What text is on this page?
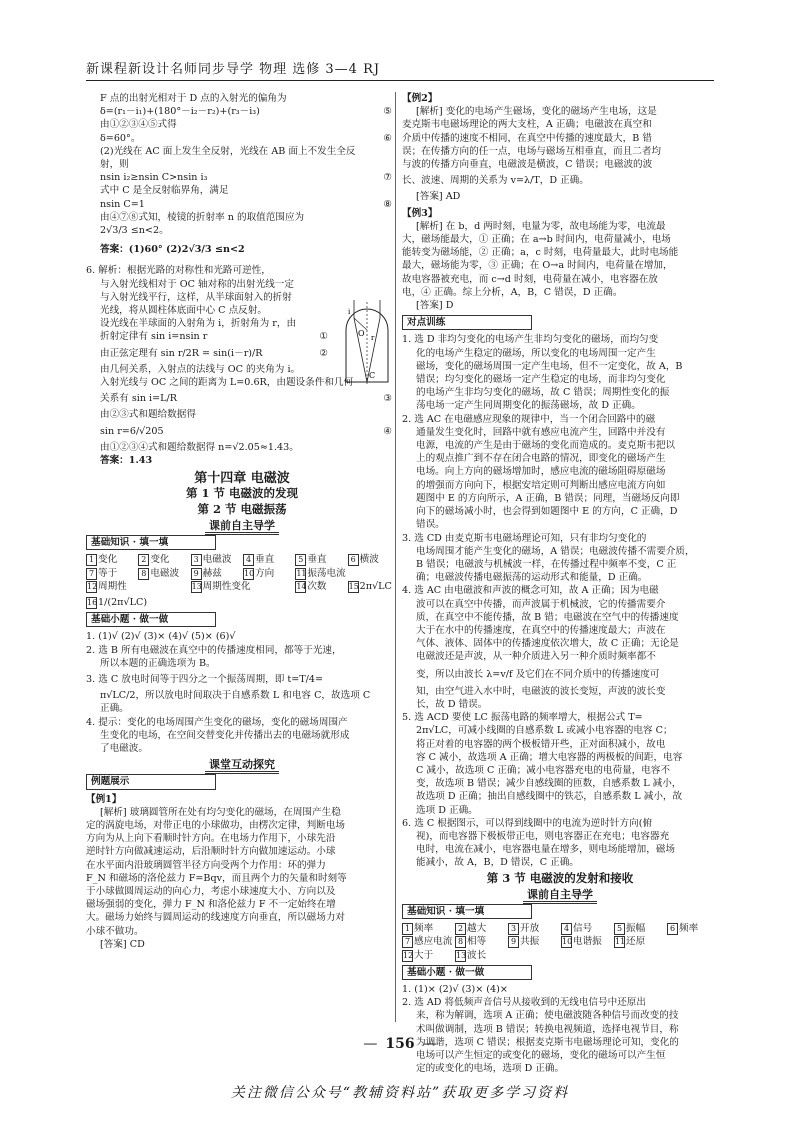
新课程新设计名师同步导学 物理 选修 3—4 RJ
O
C
i
r
F 点的出射光相对于 D 点的入射光的偏角为
δ=(r₁－i₁)+(180°－i₂－r₂)+(r₃－i₃)	⑤
由①②③④⑤式得
δ=60°。	⑥
(2)光线在 AC 面上发生全反射，光线在 AB 面上不发生全反
射，则
nsin i₂≥nsin C>nsin i₃	⑦
式中 C 是全反射临界角，满足
nsin C=1	⑧
由④⑦⑧式知，棱镜的折射率 n 的取值范围应为
2√3/3 ≤n<2。
答案：(1)60° (2)2√3/3 ≤n<2
6. 解析：根据光路的对称性和光路可逆性，
与入射光线相对于 OC 轴对称的出射光线一定
与入射光线平行，这样，从半球面射入的折射
光线，将从圆柱体底面中心 C 点反射。
设光线在半球面的入射角为 i，折射角为 r，由
折射定律有 sin i=nsin r	①
由正弦定理有 sin r/2R = sin(i－r)/R	②
由几何关系，入射点的法线与 OC 的夹角为 i。
入射光线与 OC 之间的距离为 L=0.6R，由题设条件和几何
关系有 sin i=L/R	③
由②③式和题给数据得
sin r=6/√205	④
由①②③④式和题给数据得 n=√2.05≈1.43。
答案：1.43
第十四章 电磁波
第 1 节 电磁波的发现
第 2 节 电磁振荡
课前自主导学
基础知识 · 填一填
1 变化	2 变化	3 电磁波	4 垂直	5 垂直	6 横波
7 等于	8 电磁波	9 赫兹	10方向	11振荡电流
12周期性	13周期性变化	14次数	152π√LC
161/(2π√LC)
基础小题 · 做一做
1. (1)√ (2)√ (3)× (4)√ (5)× (6)√
2. 选 B 所有电磁波在真空中的传播速度相同，都等于光速，
所以本题的正确选项为 B。
3. 选 C 放电时间等于四分之一个振荡周期，即 t=T/4=
π√LC/2，所以放电时间取决于自感系数 L 和电容 C，故选项 C
正确。
4. 提示：变化的电场周围产生变化的磁场，变化的磁场周围产
生变化的电场，在空间交替变化并传播出去的电磁场就形成
了电磁波。
课堂互动探究
例题展示
【例1】
[解析] 玻璃圆管所在处有均匀变化的磁场，在周围产生稳
定的涡旋电场，对带正电的小球做功，由楞次定律，判断电场
方向为从上向下看顺时针方向。在电场力作用下，小球先沿
逆时针方向做减速运动，后沿顺时针方向做加速运动。小球
在水平面内沿玻璃圆管半径方向受两个力作用：环的弹力
F_N 和磁场的洛伦兹力 F=Bqv，而且两个力的矢量和时刻等
于小球做圆周运动的向心力，考虑小球速度大小、方向以及
磁场强弱的变化，弹力 F_N 和洛伦兹力 F 不一定始终在增
大。磁场力始终与圆周运动的线速度方向垂直，所以磁场力对
小球不做功。
[答案] CD
【例2】
[解析] 变化的电场产生磁场，变化的磁场产生电场，这是
麦克斯韦电磁场理论的两大支柱，A 正确；电磁波在真空和
介质中传播的速度不相同，在真空中传播的速度最大，B 错
误；在传播方向的任一点，电场与磁场互相垂直，而且二者均
与波的传播方向垂直，电磁波是横波，C 错误；电磁波的波
长、波速、周期的关系为 v=λ/T，D 正确。
[答案] AD
【例3】
[解析] 在 b，d 两时刻，电量为零，故电场能为零，电流最
大，磁场能最大，① 正确；在 a→b 时间内，电荷量减小，电场
能转变为磁场能，② 正确；a，c 时刻，电荷量最大，此时电场能
最大，磁场能为零，③ 正确；在 O→a 时间内，电荷量在增加，
故电容器被充电，而 c→d 时刻，电荷量在减小，电容器在放
电，④ 正确。综上分析，A，B，C 错误，D 正确。
[答案] D
对点训练
1. 选 D 非均匀变化的电场产生非均匀变化的磁场，而均匀变
化的电场产生稳定的磁场，所以变化的电场周围一定产生
磁场，变化的磁场周围一定产生电场，但不一定变化，故 A，B
错误；均匀变化的磁场一定产生稳定的电场，而非均匀变化
的电场产生非均匀变化的磁场，故 C 错误；周期性变化的振
荡电场一定产生同周期变化的振荡磁场，故 D 正确。
2. 选 AC 在电磁感应现象的规律中，当一个闭合回路中的磁
通量发生变化时，回路中就有感应电流产生，回路中并没有
电源，电流的产生是由于磁场的变化而造成的。麦克斯韦把以
上的观点推广到不存在闭合电路的情况，即变化的磁场产生
电场。向上方向的磁场增加时，感应电流的磁场阻碍原磁场
的增强而方向向下，根据安培定则可判断出感应电流方向如
题图中 E 的方向所示，A 正确，B 错误；同理，当磁场反向即
向下的磁场减小时，也会得到如题图中 E 的方向，C 正确，D
错误。
3. 选 CD 由麦克斯韦电磁场理论可知，只有非均匀变化的
电场周围才能产生变化的磁场，A 错误；电磁波传播不需要介质，
B 错误；电磁波与机械波一样，在传播过程中频率不变，C 正
确；电磁波传播电磁振荡的运动形式和能量，D 正确。
4. 选 AC 由电磁波和声波的概念可知，故 A 正确；因为电磁
波可以在真空中传播，而声波属于机械波，它的传播需要介
质，在真空中不能传播，故 B 错；电磁波在空气中的传播速度
大于在水中的传播速度，在真空中的传播速度最大；声波在
气体、液体、固体中的传播速度依次增大，故 C 正确；无论是
电磁波还是声波，从一种介质进入另一种介质时频率都不
变，所以由波长 λ=v/f 及它们在不同介质中的传播速度可
知，由空气进入水中时，电磁波的波长变短，声波的波长变
长，故 D 错误。
5. 选 ACD 要使 LC 振荡电路的频率增大，根据公式 T=
2π√LC，可减小线圈的自感系数 L 或减小电容器的电容 C；
将正对着的电容器的两个极板错开些，正对面积减小，故电
容 C 减小，故选项 A 正确；增大电容器的两极板的间距，电容
C 减小，故选项 C 正确；减小电容器充电的电荷量，电容不
变，故选项 B 错误；减少自感线圈的匝数，自感系数 L 减小，
故选项 D 正确；抽出自感线圈中的铁芯，自感系数 L 减小，故
选项 D 正确。
6. 选 C 根据图示，可以得到线圈中的电流为逆时针方向(俯
视)，而电容器下极板带正电，则电容器正在充电；电容器充
电时，电流在减小，电容器电量在增多，则电场能增加，磁场
能减小，故 A，B，D 错误，C 正确。
第 3 节 电磁波的发射和接收
课前自主导学
基础知识 · 填一填
1 频率	2 越大	3 开放	4 信号	5 振幅	6 频率
7 感应电流 8 相等	9 共振	10电谐振	11还原
12大于	13波长
基础小题 · 做一做
1. (1)× (2)√ (3)× (4)×
2. 选 AD 将低频声音信号从接收到的无线电信号中还原出
来，称为解调，选项 A 正确；使电磁波随各种信号而改变的技
术叫做调制，选项 B 错误；转换电视频道，选择电视节目，称
为调谐，选项 C 错误；根据麦克斯韦电磁场理论可知，变化的
电场可以产生恒定的或变化的磁场，变化的磁场可以产生恒
定的或变化的电场，选项 D 正确。
— 156 —
关注微信公众号“教辅资料站”获取更多学习资料
